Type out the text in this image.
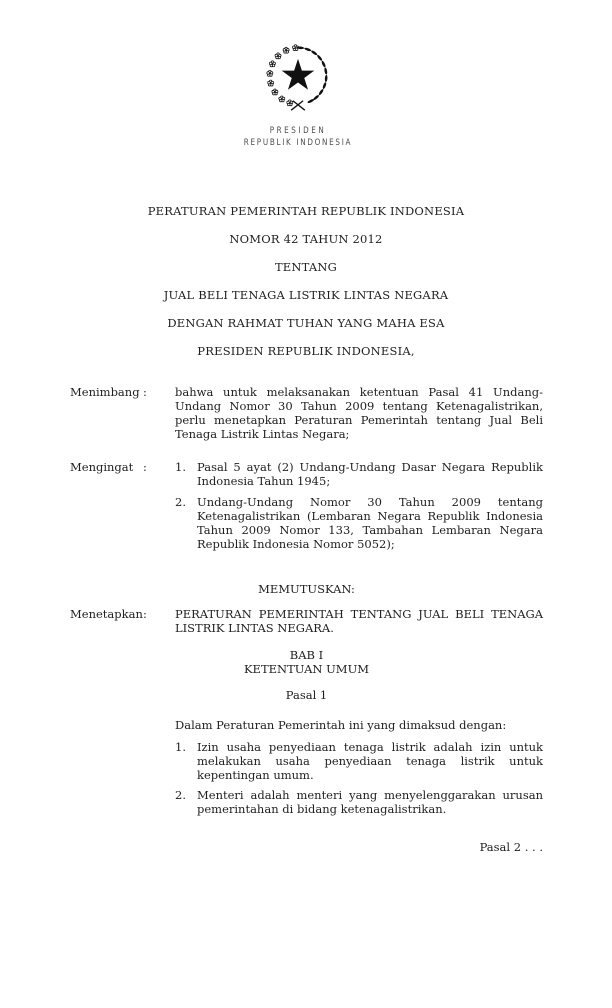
PRESIDEN
REPUBLIK INDONESIA

PERATURAN PEMERINTAH REPUBLIK INDONESIA

NOMOR 42 TAHUN 2012

TENTANG

JUAL BELI TENAGA LISTRIK LINTAS NEGARA

DENGAN RAHMAT TUHAN YANG MAHA ESA

PRESIDEN REPUBLIK INDONESIA,

Menimbang :	bahwa untuk melaksanakan ketentuan Pasal 41 Undang-Undang Nomor 30 Tahun 2009 tentang Ketenagalistrikan, perlu menetapkan Peraturan Pemerintah tentang Jual Beli Tenaga Listrik Lintas Negara;

Mengingat :	1. Pasal 5 ayat (2) Undang-Undang Dasar Negara Republik Indonesia Tahun 1945;

2. Undang-Undang Nomor 30 Tahun 2009 tentang Ketenagalistrikan (Lembaran Negara Republik Indonesia Tahun 2009 Nomor 133, Tambahan Lembaran Negara Republik Indonesia Nomor 5052);

MEMUTUSKAN:
Menetapkan :	PERATURAN PEMERINTAH TENTANG JUAL BELI TENAGA LISTRIK LINTAS NEGARA.

BAB I
KETENTUAN UMUM
Pasal 1

Dalam Peraturan Pemerintah ini yang dimaksud dengan:

1. Izin usaha penyediaan tenaga listrik adalah izin untuk melakukan usaha penyediaan tenaga listrik untuk kepentingan umum.

2. Menteri adalah menteri yang menyelenggarakan urusan pemerintahan di bidang ketenagalistrikan.

Pasal 2 . . .
